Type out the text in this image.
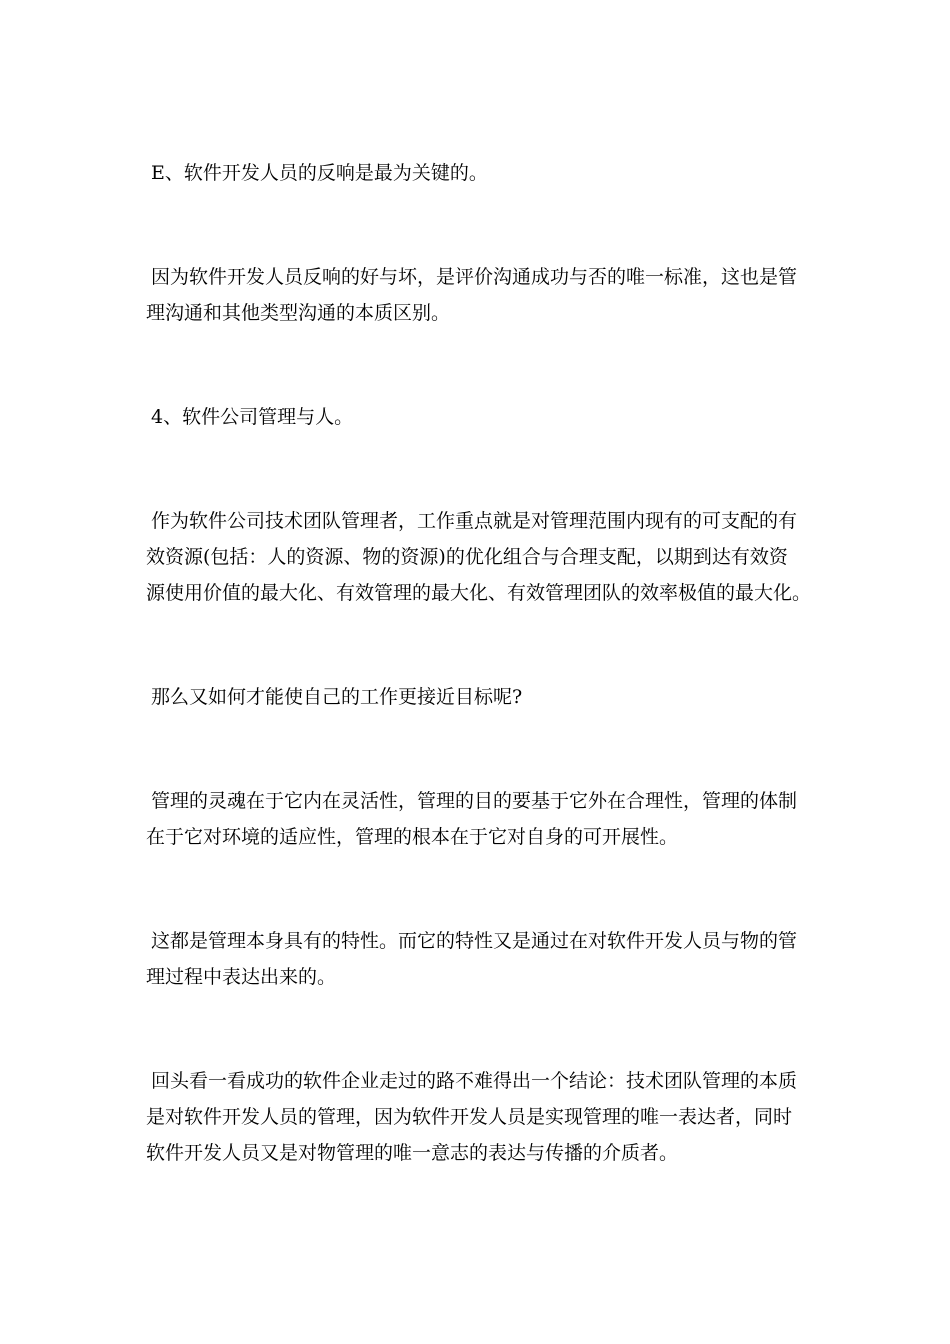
E、软件开发人员的反响是最为关键的。

因为软件开发人员反响的好与坏，是评价沟通成功与否的唯一标准，这也是管
理沟通和其他类型沟通的本质区别。

4、软件公司管理与人。

作为软件公司技术团队管理者，工作重点就是对管理范围内现有的可支配的有
效资源(包括：人的资源、物的资源)的优化组合与合理支配，以期到达有效资
源使用价值的最大化、有效管理的最大化、有效管理团队的效率极值的最大化。

那么又如何才能使自己的工作更接近目标呢?

管理的灵魂在于它内在灵活性，管理的目的要基于它外在合理性，管理的体制
在于它对环境的适应性，管理的根本在于它对自身的可开展性。

这都是管理本身具有的特性。而它的特性又是通过在对软件开发人员与物的管
理过程中表达出来的。

回头看一看成功的软件企业走过的路不难得出一个结论：技术团队管理的本质
是对软件开发人员的管理，因为软件开发人员是实现管理的唯一表达者，同时
软件开发人员又是对物管理的唯一意志的表达与传播的介质者。
